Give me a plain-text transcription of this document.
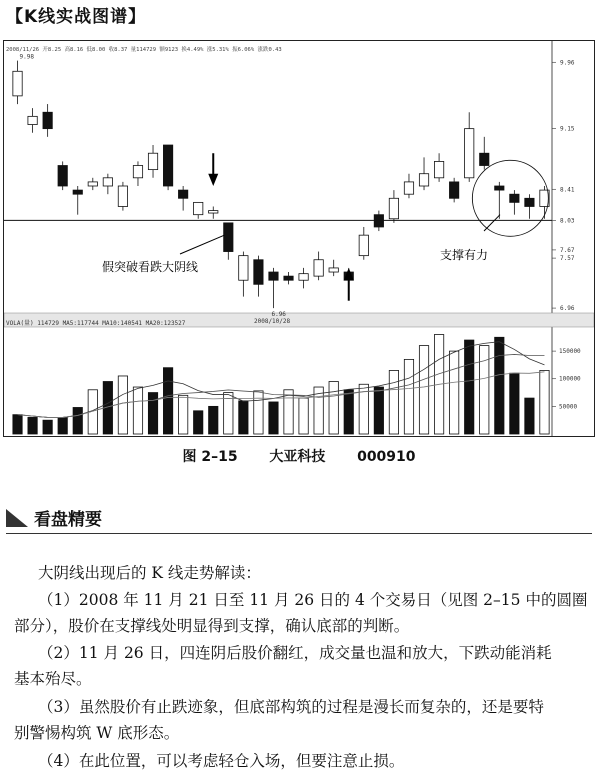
【K线实战图谱】
2008/11/26 开8.25 高8.16 低8.00 收8.37 量114729 额9123 换4.49% 涨5.31% 振6.06% 涨跌0.43
2008/10/28
VOLA(量) 114729 MA5:117744 MA10:140541 MA20:123527
9.96
9.15
8.41
8.03
7.67
7.57
6.96
150000
100000
50000
9.98
6.96
假突破看跌大阴线
支撑有力
图 2–15 大亚科技 000910
看盘精要
大阴线出现后的 K 线走势解读：
（1）2008 年 11 月 21 日至 11 月 26 日的 4 个交易日（见图 2–15 中的圆圈
部分），股价在支撑线处明显得到支撑，确认底部的判断。
（2）11 月 26 日，四连阴后股价翻红，成交量也温和放大，下跌动能消耗
基本殆尽。
（3）虽然股价有止跌迹象，但底部构筑的过程是漫长而复杂的，还是要特
别警惕构筑 W 底形态。
（4）在此位置，可以考虑轻仓入场，但要注意止损。
